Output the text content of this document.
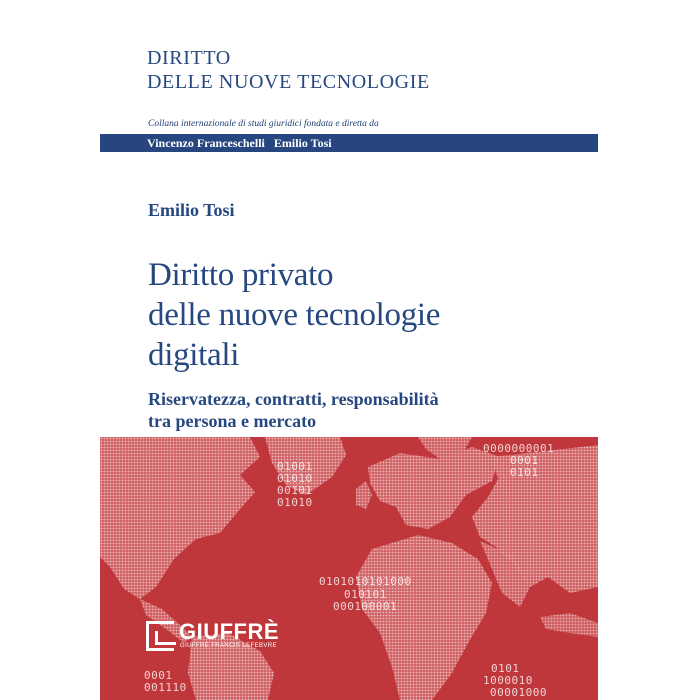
DIRITTO
DELLE NUOVE TECNOLOGIE
Collana internazionale di studi giuridici fondata e diretta da
Vincenzo Franceschelli Emilio Tosi
Emilio Tosi
Diritto privato
delle nuove tecnologie
digitali
Riservatezza, contratti, responsabilità
tra persona e mercato
0000000001
0001
0101
01001
01010
00101
01010
0101010101000
010101
000100001
0001
001110
0101
1000010
00001000
GIUFFRÈ
GIUFFRÈ FRANCIS LEFEBVRE
